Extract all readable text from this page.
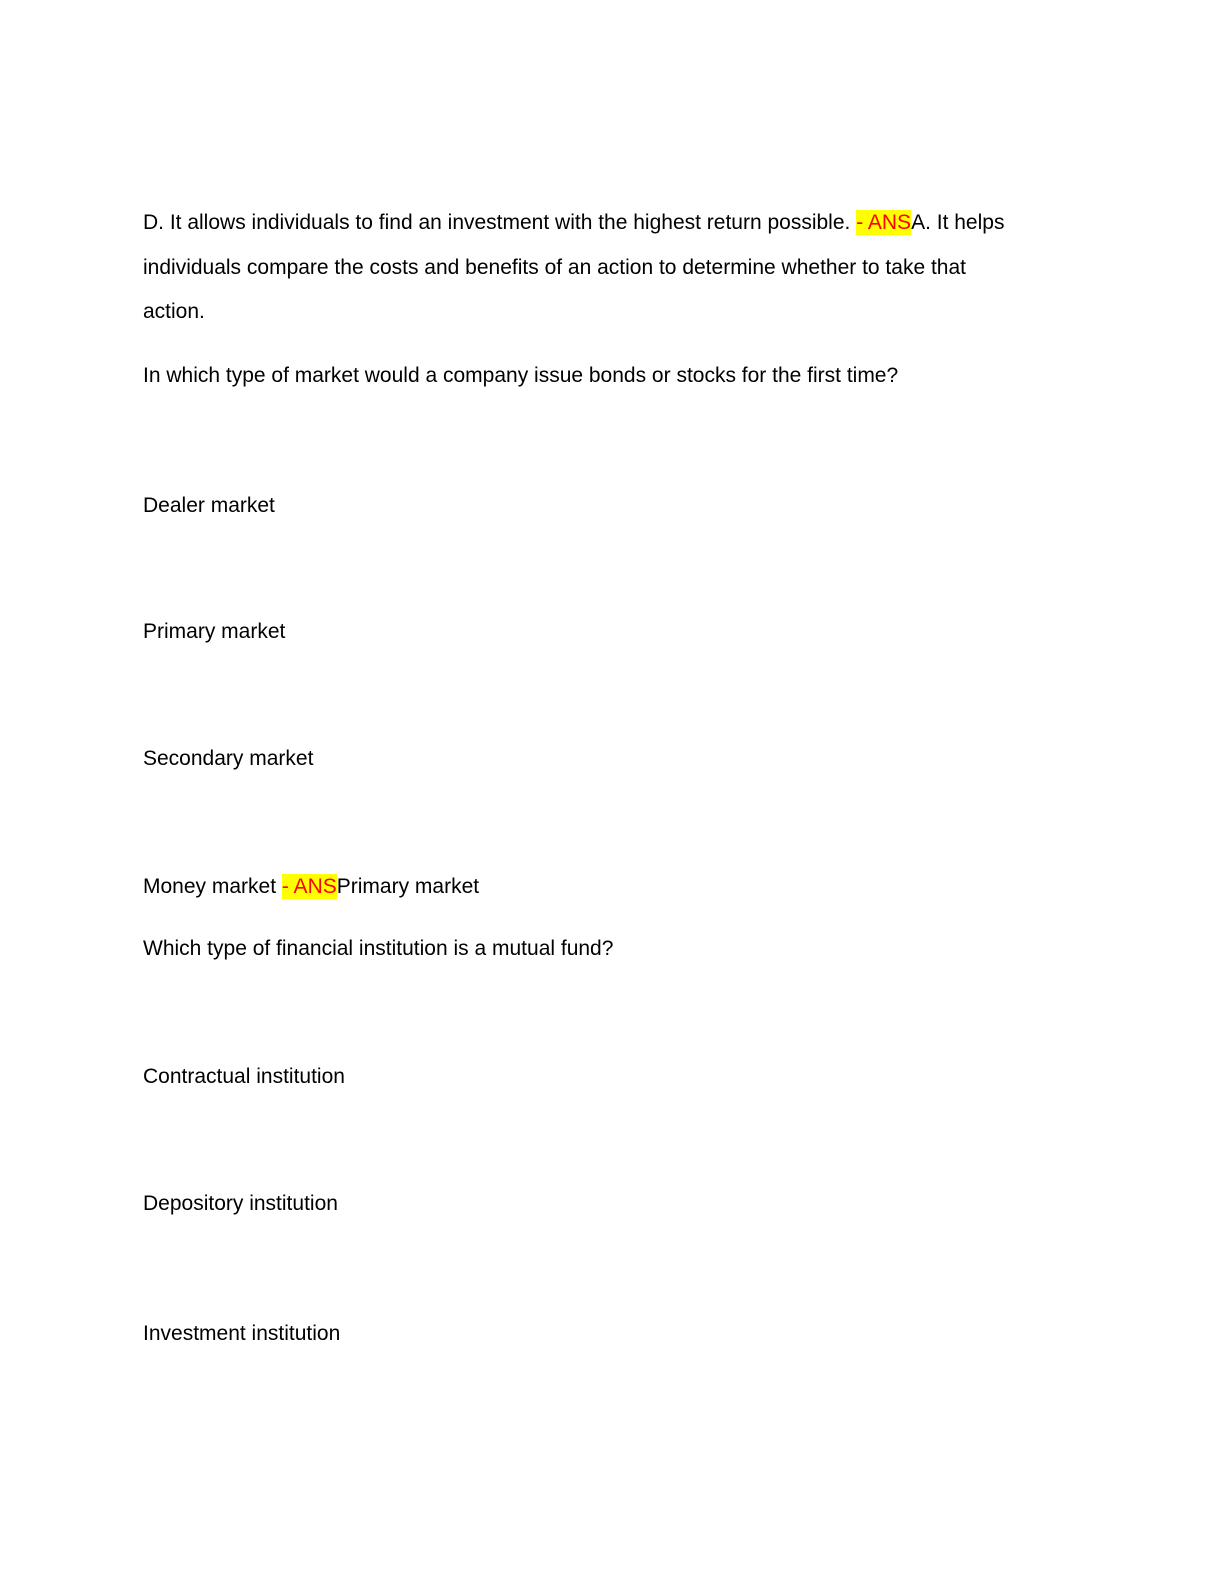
D. It allows individuals to find an investment with the highest return possible. - ANSA. It helps
individuals compare the costs and benefits of an action to determine whether to take that
action.
In which type of market would a company issue bonds or stocks for the first time?
Dealer market
Primary market
Secondary market
Money market - ANSPrimary market
Which type of financial institution is a mutual fund?
Contractual institution
Depository institution
Investment institution
